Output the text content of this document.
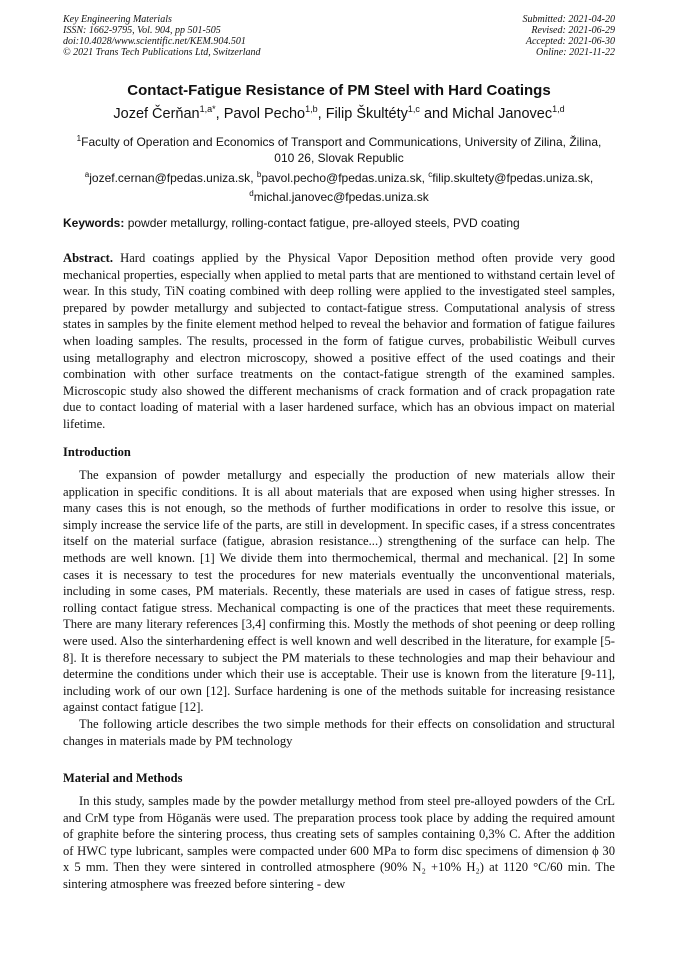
Key Engineering Materials
ISSN: 1662-9795, Vol. 904, pp 501-505
doi:10.4028/www.scientific.net/KEM.904.501
© 2021 Trans Tech Publications Ltd, Switzerland
Submitted: 2021-04-20
Revised: 2021-06-29
Accepted: 2021-06-30
Online: 2021-11-22
Contact-Fatigue Resistance of PM Steel with Hard Coatings
Jozef Čerňan$^{1,a*}$, Pavol Pecho$^{1,b}$, Filip Škultéty$^{1,c}$ and Michal Janovec$^{1,d}$
$^1$Faculty of Operation and Economics of Transport and Communications, University of Zilina, Žilina,
010 26, Slovak Republic
$^a$jozef.cernan@fpedas.uniza.sk, $^b$pavol.pecho@fpedas.uniza.sk, $^c$filip.skultety@fpedas.uniza.sk,
$^d$michal.janovec@fpedas.uniza.sk
Keywords: powder metallurgy, rolling-contact fatigue, pre-alloyed steels, PVD coating
Abstract. Hard coatings applied by the Physical Vapor Deposition method often provide very good mechanical properties, especially when applied to metal parts that are mentioned to withstand certain level of wear. In this study, TiN coating combined with deep rolling were applied to the investigated steel samples, prepared by powder metallurgy and subjected to contact-fatigue stress. Computational analysis of stress states in samples by the finite element method helped to reveal the behavior and formation of fatigue failures when loading samples. The results, processed in the form of fatigue curves, probabilistic Weibull curves using metallography and electron microscopy, showed a positive effect of the used coatings and their combination with other surface treatments on the contact-fatigue strength of the examined samples. Microscopic study also showed the different mechanisms of crack formation and of crack propagation rate due to contact loading of material with a laser hardened surface, which has an obvious impact on material lifetime.
Introduction

The expansion of powder metallurgy and especially the production of new materials allow their application in specific conditions. It is all about materials that are exposed when using higher stresses. In many cases this is not enough, so the methods of further modifications in order to resolve this issue, or simply increase the service life of the parts, are still in development. In specific cases, if a stress concentrates itself on the material surface (fatigue, abrasion resistance...) strengthening of the surface can help. The methods are well known. [1] We divide them into thermochemical, thermal and mechanical. [2] In some cases it is necessary to test the procedures for new materials eventually the unconventional materials, including in some cases, PM materials. Recently, these materials are used in cases of fatigue stress, resp. rolling contact fatigue stress. Mechanical compacting is one of the practices that meet these requirements. There are many literary references [3,4] confirming this. Mostly the methods of shot peening or deep rolling were used. Also the sinterhardening effect is well known and well described in the literature, for example [5-8]. It is therefore necessary to subject the PM materials to these technologies and map their behaviour and determine the conditions under which their use is acceptable. Their use is known from the literature [9-11], including work of our own [12]. Surface hardening is one of the methods suitable for increasing resistance against contact fatigue [12].

The following article describes the two simple methods for their effects on consolidation and structural changes in materials made by PM technology

Material and Methods

In this study, samples made by the powder metallurgy method from steel pre-alloyed powders of the CrL and CrM type from Höganäs were used. The preparation process took place by adding the required amount of graphite before the sintering process, thus creating sets of samples containing 0,3% C. After the addition of HWC type lubricant, samples were compacted under 600 MPa to form disc specimens of dimension ϕ 30 x 5 mm. Then they were sintered in controlled atmosphere (90% N₂ +10% H₂) at 1120 °C/60 min. The sintering atmosphere was freezed before sintering - dew
